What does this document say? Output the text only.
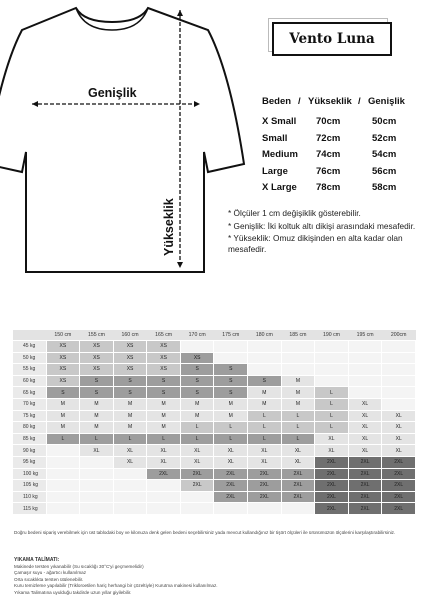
Genişlik
Yükseklik
Vento Luna
Beden / Yükseklik / Genişlik
X Small 70cm	50cm
Small	72cm	52cm
Medium 74cm	54cm
Large	76cm	56cm
X Large 78cm	58cm
* Ölçüler 1 cm değişiklik gösterebilir.
* Genişlik: İki koltuk altı dikişi arasındaki mesafedir.
* Yükseklik: Omuz dikişinden en alta kadar olan mesafedir.
	150 cm	155 cm	160 cm	165 cm	170 cm	175 cm	180 cm	185 cm	190 cm	195 cm	200cm
45 kg	XS	XS	XS	XS							
50 kg	XS	XS	XS	XS	XS						
55 kg	XS	XS	XS	XS	S	S					
60 kg	XS	S	S	S	S	S	S	M			
65 kg	S	S	S	S	S	S	M	M	L		
70 kg	M	M	M	M	M	M	M	M	L	XL	
75 kg	M	M	M	M	M	M	L	L	L	XL	XL
80 kg	M	M	M	M	L	L	L	L	L	XL	XL
85 kg	L	L	L	L	L	L	L	L	XL	XL	XL
90 kg		XL	XL	XL	XL	XL	XL	XL	XL	XL	XL
95 kg			XL	XL	XL	XL	XL	XL	2XL	2XL	2XL
100 kg				2XL	2XL	2XL	2XL	2XL	2XL	2XL	2XL
105 kg					2XL	2XL	2XL	2XL	2XL	2XL	2XL
110 kg						2XL	2XL	2XL	2XL	2XL	2XL
115 kg									2XL	2XL	2XL
Doğru bedeni sipariş verebilmek için üst tablodaki boy ve kilonuza denk gelen bedeni seçebilirsiniz yada mevcut kullandığınız bir tişört ölçüleri ile ürünümüzün ölçülerini karşılaştırabilirsiniz.
YIKAMA TALİMATI:
Makinede tersten yıkanabilir (Su sıcaklığı 30°C'yi geçmemelidir)
Çamaşır suyu - ağartıcı kullanılmaz
Orta sıcaklıkta tersten ütülenebilir.
Kuru temizleme yapılabilir (Trikloroetilen hariç herhangi bir çözeltiyle) Kurutma makinesi kullanılmaz.
Yıkama Talimatına uyulduğu takdirde uzun yıllar giyilebilir.
